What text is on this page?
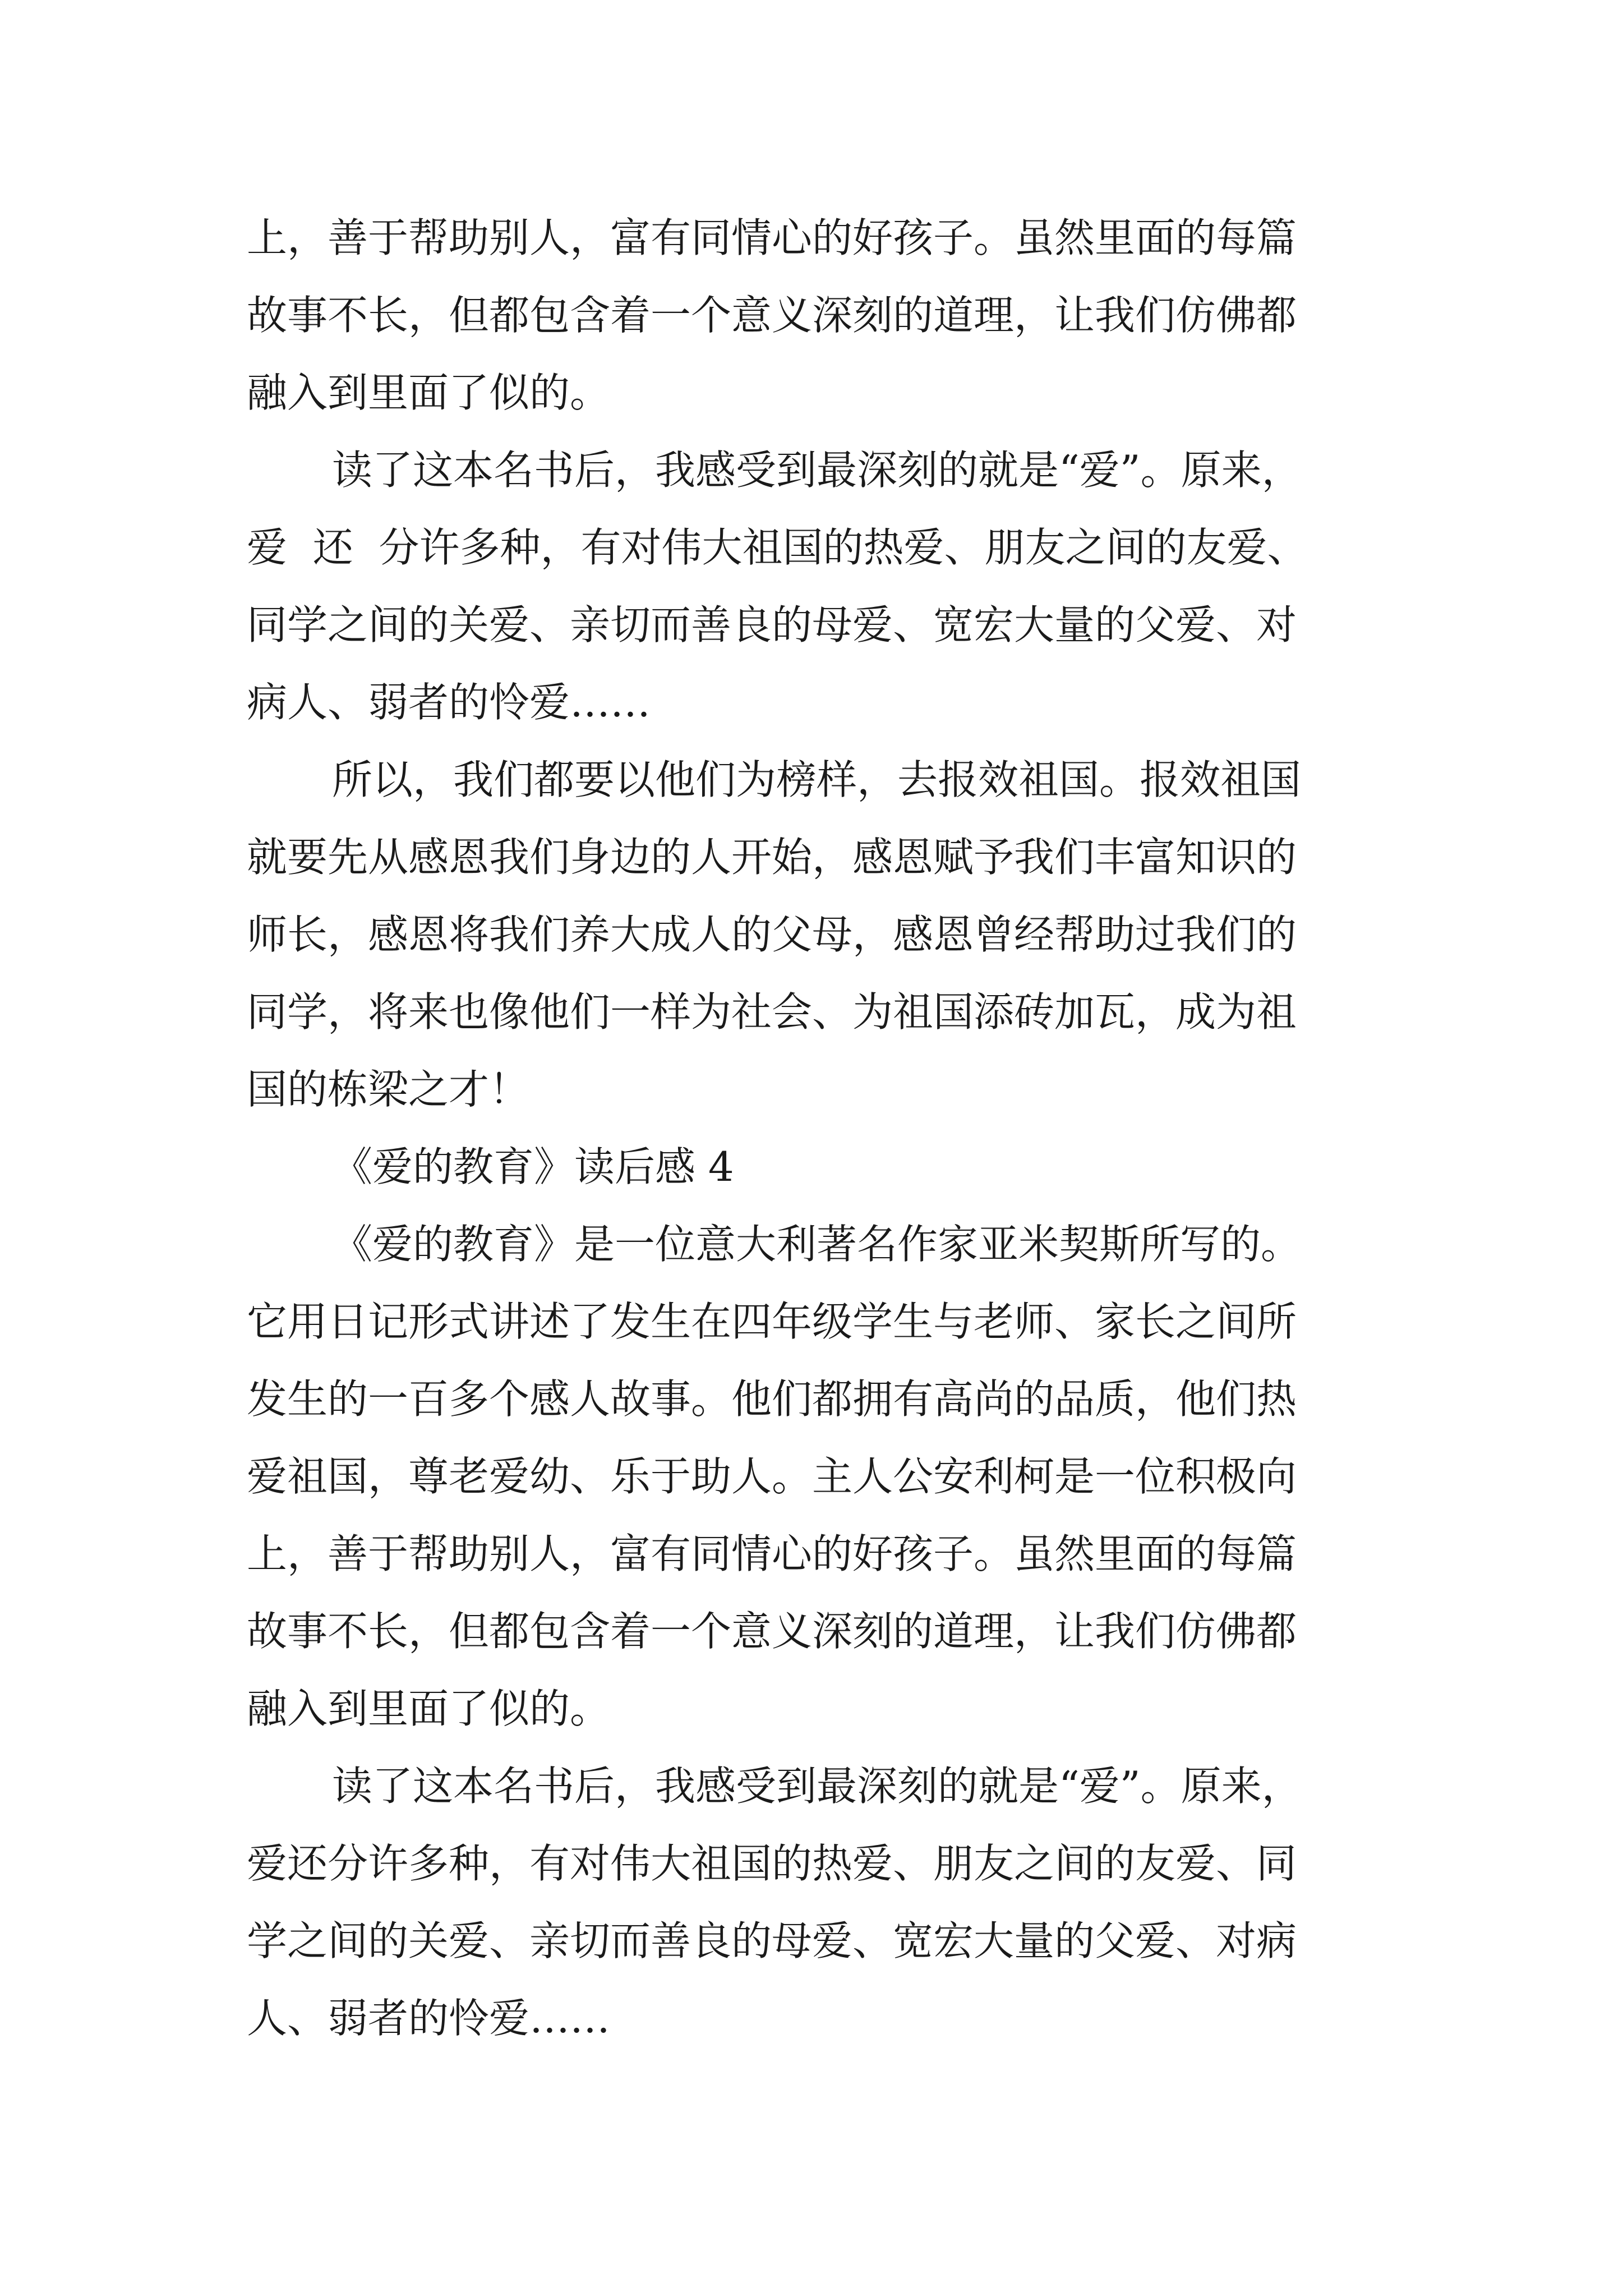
上，善于帮助别人，富有同情心的好孩子。虽然里面的每篇
故事不长，但都包含着一个意义深刻的道理，让我们仿佛都
融入到里面了似的。
读了这本名书后，我感受到最深刻的就是“爱”。原来，
爱  还  分许多种，有对伟大祖国的热爱、朋友之间的友爱、
同学之间的关爱、亲切而善良的母爱、宽宏大量的父爱、对
病人、弱者的怜爱……
所以，我们都要以他们为榜样，去报效祖国。报效祖国
就要先从感恩我们身边的人开始，感恩赋予我们丰富知识的
师长，感恩将我们养大成人的父母，感恩曾经帮助过我们的
同学，将来也像他们一样为社会、为祖国添砖加瓦，成为祖
国的栋梁之才！
《爱的教育》读后感 4
《爱的教育》是一位意大利著名作家亚米契斯所写的。
它用日记形式讲述了发生在四年级学生与老师、家长之间所
发生的一百多个感人故事。他们都拥有高尚的品质，他们热
爱祖国，尊老爱幼、乐于助人。主人公安利柯是一位积极向
上，善于帮助别人，富有同情心的好孩子。虽然里面的每篇
故事不长，但都包含着一个意义深刻的道理，让我们仿佛都
融入到里面了似的。
读了这本名书后，我感受到最深刻的就是“爱”。原来，
爱还分许多种，有对伟大祖国的热爱、朋友之间的友爱、同
学之间的关爱、亲切而善良的母爱、宽宏大量的父爱、对病
人、弱者的怜爱……
